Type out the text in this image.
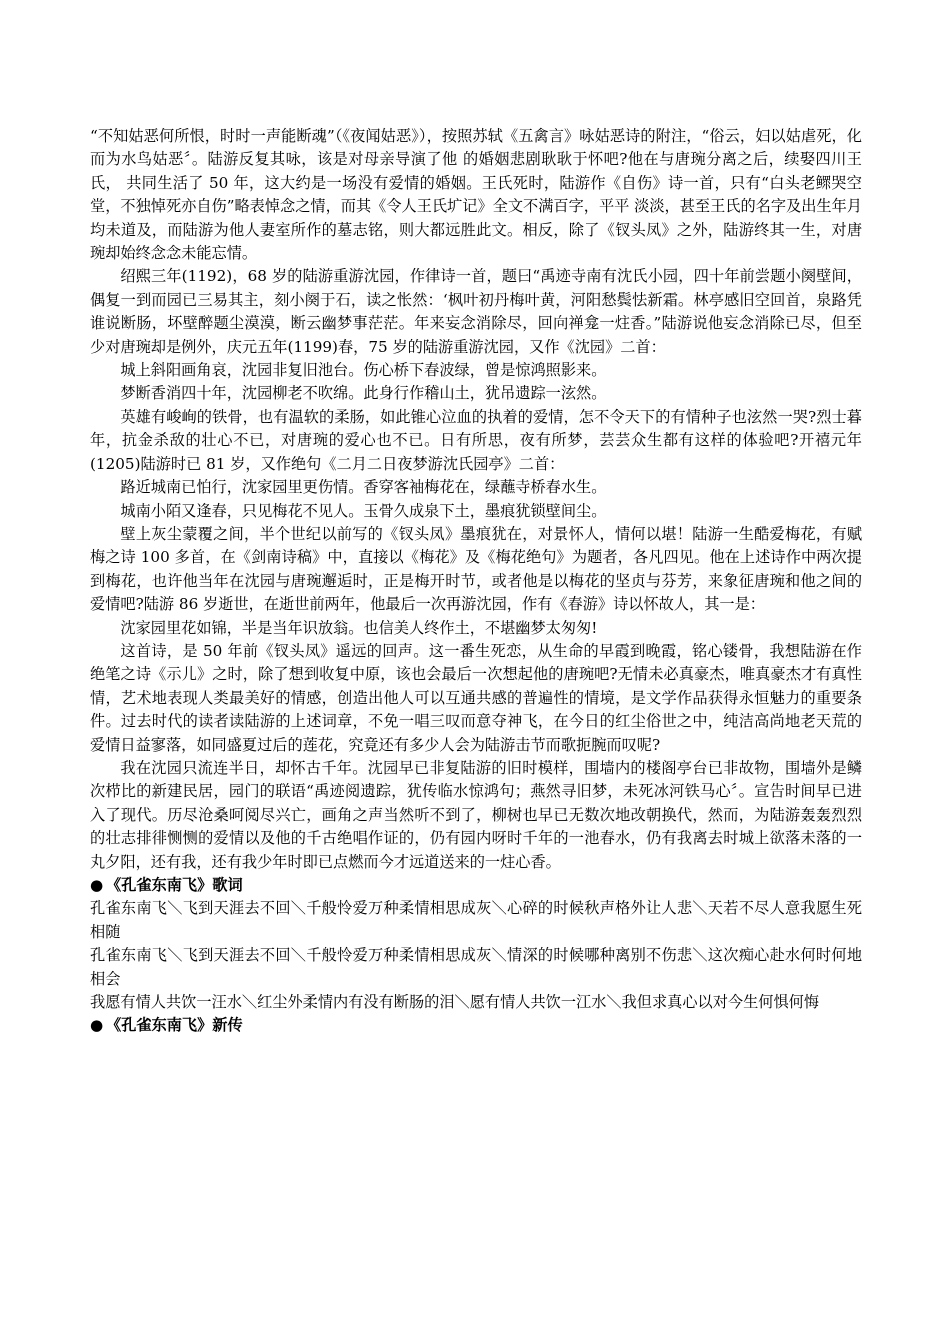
“不知姑恶何所恨，时时一声能断魂”（《夜闻姑恶》），按照苏轼《五禽言》咏姑恶诗的附注，“俗云，妇以姑虐死，化而为水鸟姑恶〞。陆游反复其咏，该是对母亲导演了他 的婚姻悲剧耿耿于怀吧?他在与唐琬分离之后，续娶四川王氏， 共同生活了 50 年，这大约是一场没有爱情的婚姻。王氏死时，陆游作《自伤》诗一首，只有“白头老鳏哭空堂，不独悼死亦自伤”略表悼念之情，而其《令人王氏圹记》全文不满百字，平平 淡淡，甚至王氏的名字及出生年月均未道及，而陆游为他人妻室所作的墓志铭，则大都远胜此文。相反，除了《钗头凤》之外，陆游终其一生，对唐琬却始终念念未能忘情。

绍熙三年(1192)，68 岁的陆游重游沈园，作律诗一首，题曰“禹迹寺南有沈氏小园，四十年前尝题小阕壁间，偶复一到而园已三易其主，刻小阕于石，读之怅然：‘枫叶初丹梅叶黄，河阳愁鬓怯新霜。林亭感旧空回首，泉路凭谁说断肠，坏壁醉题尘漠漠，断云幽梦事茫茫。年来妄念消除尽，回向禅龛一炷香。”陆游说他妄念消除已尽，但至少对唐琬却是例外，庆元五年(1199)春，75 岁的陆游重游沈园，又作《沈园》二首：

城上斜阳画角哀，沈园非复旧池台。伤心桥下春波绿，曾是惊鸿照影来。

梦断香消四十年，沈园柳老不吹绵。此身行作稽山土，犹吊遗踪一泫然。

英雄有峻峋的铁骨，也有温软的柔肠，如此锥心泣血的执着的爱情，怎不令天下的有情种子也泫然一哭?烈士暮年，抗金杀敌的壮心不已，对唐琬的爱心也不已。日有所思，夜有所梦，芸芸众生都有这样的体验吧?开禧元年(1205)陆游时已 81 岁，又作绝句《二月二日夜梦游沈氏园亭》二首：

路近城南已怕行，沈家园里更伤情。香穿客袖梅花在，绿蘸寺桥春水生。

城南小陌又逢春，只见梅花不见人。玉骨久成泉下土，墨痕犹锁壁间尘。

壁上灰尘蒙覆之间，半个世纪以前写的《钗头凤》墨痕犹在，对景怀人，情何以堪！陆游一生酷爱梅花，有赋梅之诗 100 多首，在《剑南诗稿》中，直接以《梅花》及《梅花绝句》为题者，各凡四见。他在上述诗作中两次提到梅花，也许他当年在沈园与唐琬邂逅时，正是梅开时节，或者他是以梅花的坚贞与芬芳，来象征唐琬和他之间的爱情吧?陆游 86 岁逝世，在逝世前两年，他最后一次再游沈园，作有《春游》诗以怀故人，其一是：

沈家园里花如锦，半是当年识放翁。也信美人终作土，不堪幽梦太匆匆!

这首诗，是 50 年前《钗头凤》遥远的回声。这一番生死恋，从生命的早霞到晚霞，铭心镂骨，我想陆游在作绝笔之诗《示儿》之时，除了想到收复中原，该也会最后一次想起他的唐琬吧?无情未必真豪杰，唯真豪杰才有真性情，艺术地表现人类最美好的情感，创造出他人可以互通共感的普遍性的情境，是文学作品获得永恒魅力的重要条件。过去时代的读者读陆游的上述词章，不免一唱三叹而意夺神飞，在今日的红尘俗世之中，纯洁高尚地老天荒的爱情日益寥落，如同盛夏过后的莲花，究竟还有多少人会为陆游击节而歌扼腕而叹呢?

我在沈园只流连半日，却怀古千年。沈园早已非复陆游的旧时模样，围墙内的楼阁亭台已非故物，围墙外是鳞次栉比的新建民居，园门的联语“禹迹阅遗踪，犹传临水惊鸿句；燕然寻旧梦，未死冰河铁马心〞。宣告时间早已进入了现代。历尽沧桑呵阅尽兴亡，画角之声当然听不到了，柳树也早已无数次地改朝换代，然而，为陆游轰轰烈烈的壮志排徘恻恻的爱情以及他的千古绝唱作证的，仍有园内呀时千年的一池春水，仍有我离去时城上欲落未落的一丸夕阳，还有我，还有我少年时即已点燃而今才远道送来的一炷心香。

● 《孔雀东南飞》歌词

孔雀东南飞＼飞到天涯去不回＼千般怜爱万种柔情相思成灰＼心碎的时候秋声格外让人悲＼天若不尽人意我愿生死相随

孔雀东南飞＼飞到天涯去不回＼千般怜爱万种柔情相思成灰＼情深的时候哪种离别不伤悲＼这次痴心赴水何时何地相会

我愿有情人共饮一汪水＼红尘外柔情内有没有断肠的泪＼愿有情人共饮一江水＼我但求真心以对今生何惧何悔

● 《孔雀东南飞》新传
